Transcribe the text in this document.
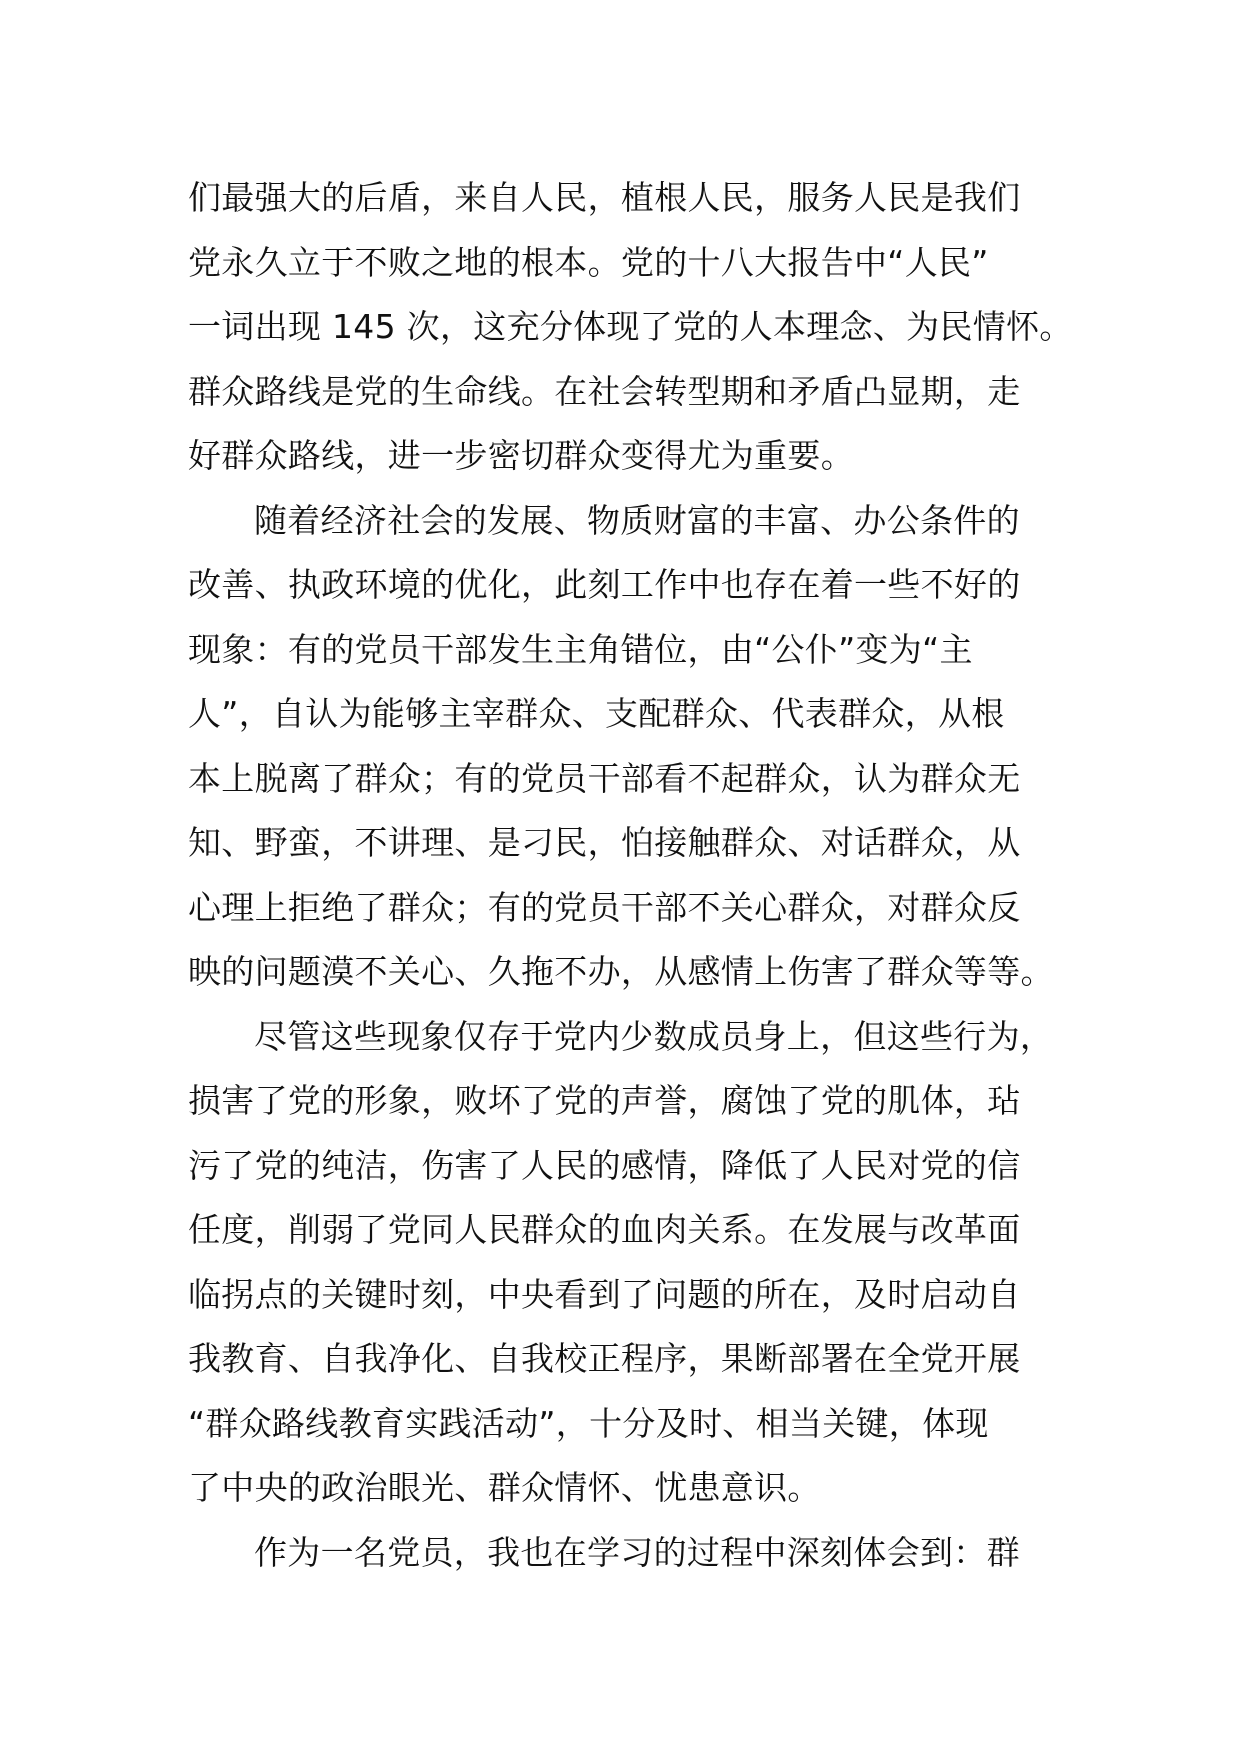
们最强大的后盾，来自人民，植根人民，服务人民是我们
党永久立于不败之地的根本。党的十八大报告中“人民”
一词出现 145 次，这充分体现了党的人本理念、为民情怀。
群众路线是党的生命线。在社会转型期和矛盾凸显期，走
好群众路线，进一步密切群众变得尤为重要。
随着经济社会的发展、物质财富的丰富、办公条件的
改善、执政环境的优化，此刻工作中也存在着一些不好的
现象：有的党员干部发生主角错位，由“公仆”变为“主
人”，自认为能够主宰群众、支配群众、代表群众，从根
本上脱离了群众；有的党员干部看不起群众，认为群众无
知、野蛮，不讲理、是刁民，怕接触群众、对话群众，从
心理上拒绝了群众；有的党员干部不关心群众，对群众反
映的问题漠不关心、久拖不办，从感情上伤害了群众等等。
尽管这些现象仅存于党内少数成员身上，但这些行为，
损害了党的形象，败坏了党的声誉，腐蚀了党的肌体，玷
污了党的纯洁，伤害了人民的感情，降低了人民对党的信
任度，削弱了党同人民群众的血肉关系。在发展与改革面
临拐点的关键时刻，中央看到了问题的所在，及时启动自
我教育、自我净化、自我校正程序，果断部署在全党开展
“群众路线教育实践活动”，十分及时、相当关键，体现
了中央的政治眼光、群众情怀、忧患意识。
作为一名党员，我也在学习的过程中深刻体会到：群
